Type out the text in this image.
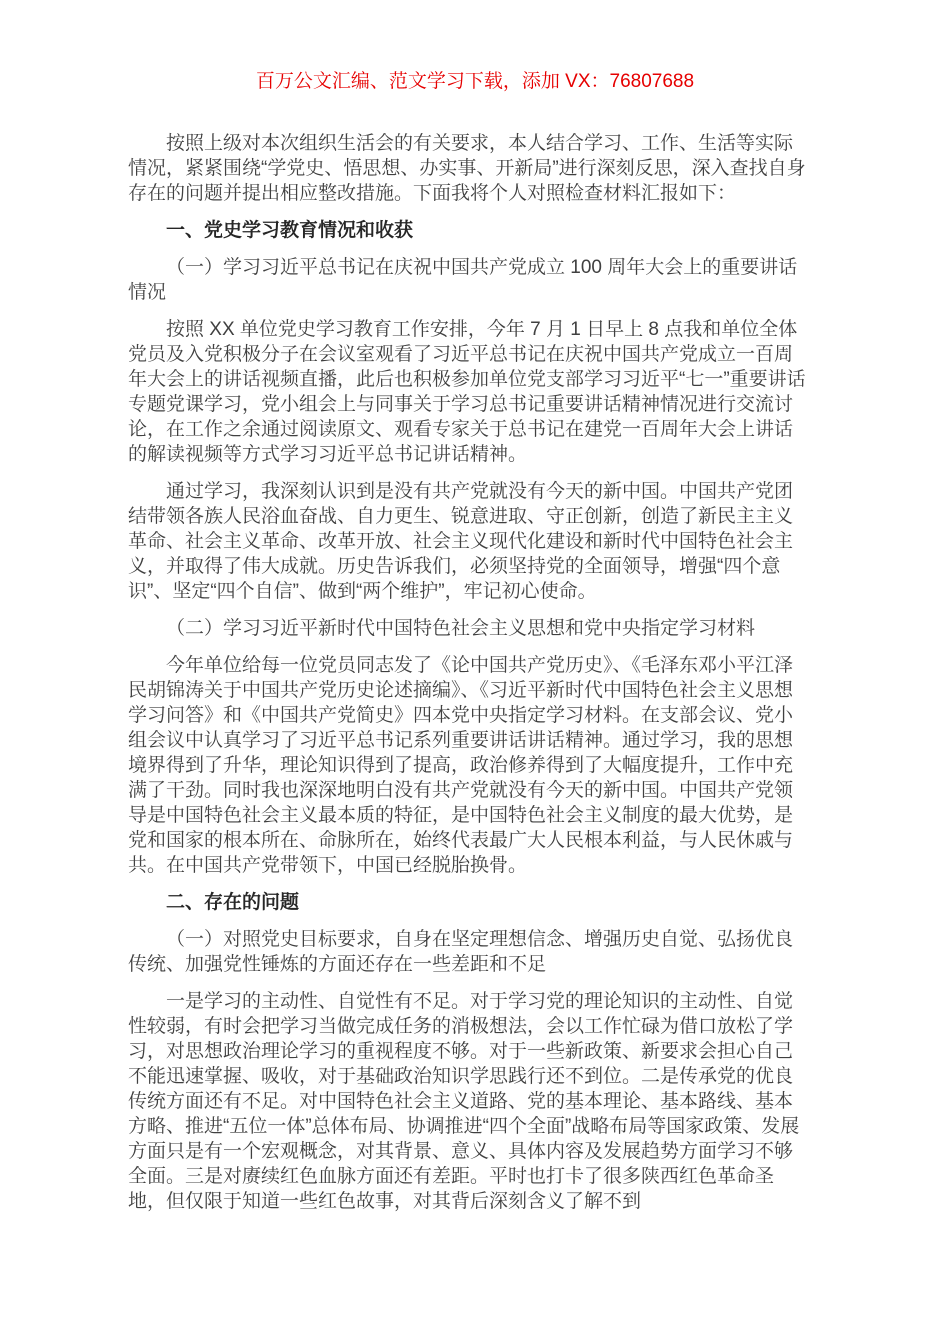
百万公文汇编、范文学习下载，添加 VX：76807688

按照上级对本次组织生活会的有关要求，本人结合学习、工作、生活等实际情况，紧紧围绕“学党史、悟思想、办实事、开新局”进行深刻反思，深入查找自身存在的问题并提出相应整改措施。下面我将个人对照检查材料汇报如下：

一、党史学习教育情况和收获

（一）学习习近平总书记在庆祝中国共产党成立 100 周年大会上的重要讲话情况

按照 XX 单位党史学习教育工作安排，今年 7 月 1 日早上 8 点我和单位全体党员及入党积极分子在会议室观看了习近平总书记在庆祝中国共产党成立一百周年大会上的讲话视频直播，此后也积极参加单位党支部学习习近平“七一”重要讲话专题党课学习，党小组会上与同事关于学习总书记重要讲话精神情况进行交流讨论，在工作之余通过阅读原文、观看专家关于总书记在建党一百周年大会上讲话的解读视频等方式学习习近平总书记讲话精神。

通过学习，我深刻认识到是没有共产党就没有今天的新中国。中国共产党团结带领各族人民浴血奋战、自力更生、锐意进取、守正创新，创造了新民主主义革命、社会主义革命、改革开放、社会主义现代化建设和新时代中国特色社会主义，并取得了伟大成就。历史告诉我们，必须坚持党的全面领导，增强“四个意识”、坚定“四个自信”、做到“两个维护”，牢记初心使命。

（二）学习习近平新时代中国特色社会主义思想和党中央指定学习材料

今年单位给每一位党员同志发了《论中国共产党历史》、《毛泽东邓小平江泽民胡锦涛关于中国共产党历史论述摘编》、《习近平新时代中国特色社会主义思想学习问答》和《中国共产党简史》四本党中央指定学习材料。在支部会议、党小组会议中认真学习了习近平总书记系列重要讲话讲话精神。通过学习，我的思想境界得到了升华，理论知识得到了提高，政治修养得到了大幅度提升，工作中充满了干劲。同时我也深深地明白没有共产党就没有今天的新中国。中国共产党领导是中国特色社会主义最本质的特征，是中国特色社会主义制度的最大优势，是党和国家的根本所在、命脉所在，始终代表最广大人民根本利益，与人民休戚与共。在中国共产党带领下，中国已经脱胎换骨。

二、存在的问题

（一）对照党史目标要求，自身在坚定理想信念、增强历史自觉、弘扬优良传统、加强党性锤炼的方面还存在一些差距和不足

一是学习的主动性、自觉性有不足。对于学习党的理论知识的主动性、自觉性较弱，有时会把学习当做完成任务的消极想法，会以工作忙碌为借口放松了学习，对思想政治理论学习的重视程度不够。对于一些新政策、新要求会担心自己不能迅速掌握、吸收，对于基础政治知识学思践行还不到位。二是传承党的优良传统方面还有不足。对中国特色社会主义道路、党的基本理论、基本路线、基本方略、推进“五位一体”总体布局、协调推进“四个全面”战略布局等国家政策、发展方面只是有一个宏观概念，对其背景、意义、具体内容及发展趋势方面学习不够全面。三是对赓续红色血脉方面还有差距。平时也打卡了很多陕西红色革命圣地，但仅限于知道一些红色故事，对其背后深刻含义了解不到
